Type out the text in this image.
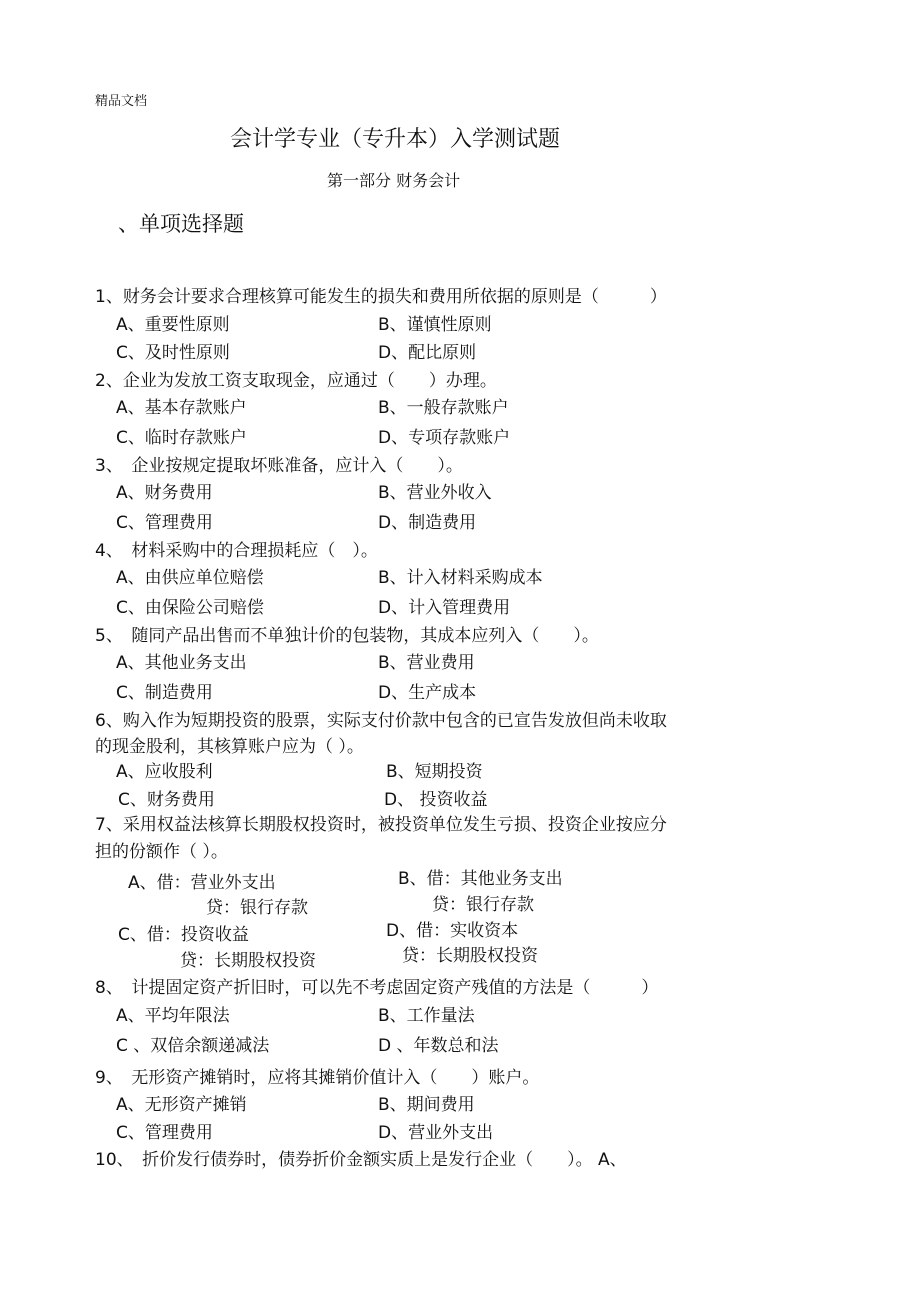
精品文档
会计学专业（专升本）入学测试题
第一部分 财务会计
、单项选择题
1、财务会计要求合理核算可能发生的损失和费用所依据的原则是（　　　）
A、重要性原则	B、谨慎性原则
C、及时性原则	D、配比原则
2、企业为发放工资支取现金，应通过（　　）办理。
A、基本存款账户	B、一般存款账户
C、临时存款账户	D、专项存款账户
3、　企业按规定提取坏账准备，应计入（　　）。
A、财务费用	B、营业外收入
C、管理费用	D、制造费用
4、　材料采购中的合理损耗应（　）。
A、由供应单位赔偿	B、计入材料采购成本
C、由保险公司赔偿	D、计入管理费用
5、　随同产品出售而不单独计价的包装物，其成本应列入（　　）。
A、其他业务支出	B、营业费用
C、制造费用	D、生产成本
6、购入作为短期投资的股票，实际支付价款中包含的已宣告发放但尚未收取
的现金股利，其核算账户应为（ ）。
A、应收股利	B、短期投资
C、财务费用	D、 投资收益
7、采用权益法核算长期股权投资时，被投资单位发生亏损、投资企业按应分
担的份额作（ ）。
A、借：营业外支出
贷：银行存款
B、借：其他业务支出
贷：银行存款
C、借：投资收益
贷：长期股权投资
D、借：实收资本
贷：长期股权投资
8、　计提固定资产折旧时，可以先不考虑固定资产残值的方法是（　　　）
A、平均年限法	B、工作量法
C 、双倍余额递减法	D 、年数总和法
9、　无形资产摊销时，应将其摊销价值计入（　　）账户。
A、无形资产摊销	B、期间费用
C、管理费用	D、营业外支出
10、　折价发行债券时，债券折价金额实质上是发行企业（　　）。 A、
